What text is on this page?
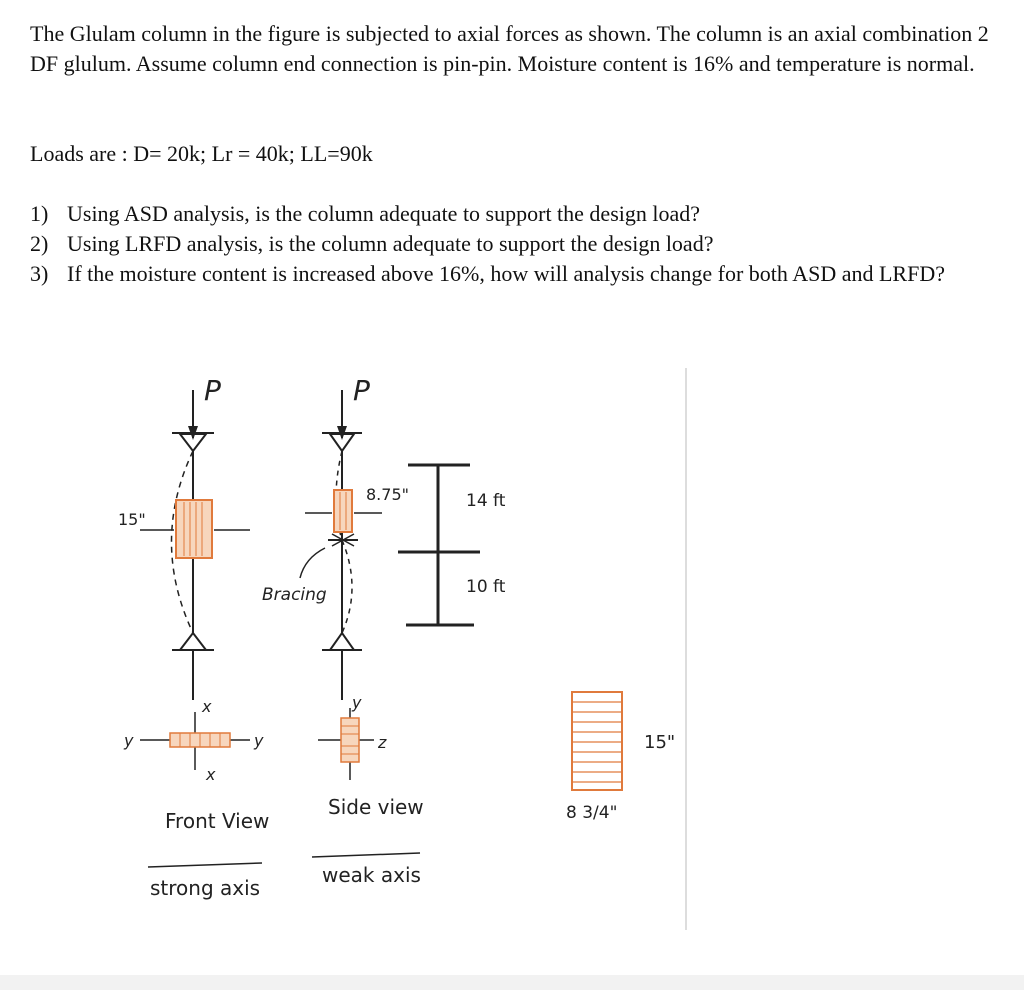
The Glulam column in the figure is subjected to axial forces as shown. The column is an axial combination 2 DF glulum. Assume column end connection is pin-pin. Moisture content is 16% and temperature is normal.
Loads are : D= 20k; Lr = 40k; LL=90k
1) Using ASD analysis, is the column adequate to support the design load?
2) Using LRFD analysis, is the column adequate to support the design load?
3) If the moisture content is increased above 16%, how will analysis change for both ASD and LRFD?
P
15"
x
x
y	y
Front View
strong axis
P
8.75"
Bracing
14 ft
10 ft
y
z
Side view
weak axis
15"
8 3/4"
